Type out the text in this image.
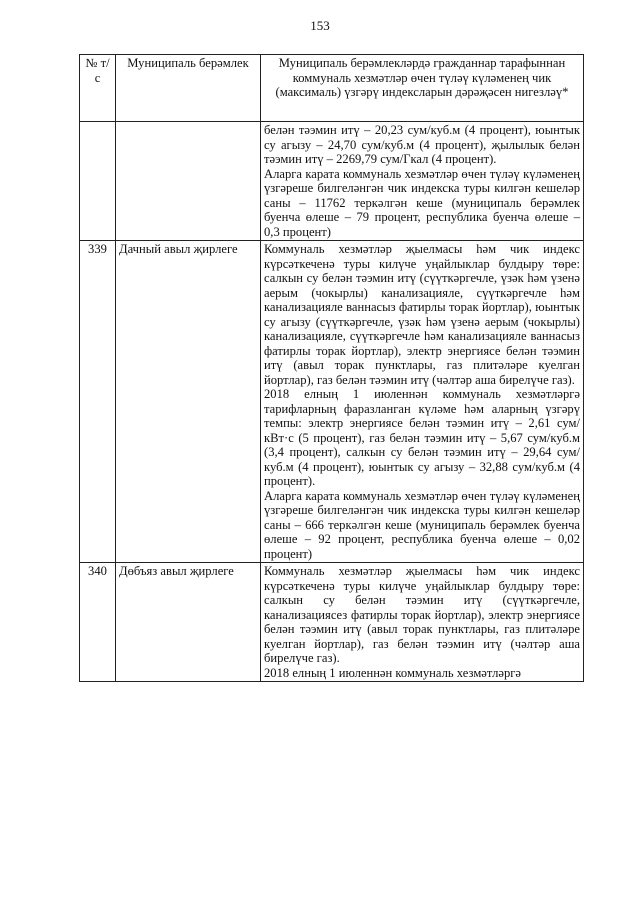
153
№ т/с	Муниципаль берәмлек	Муниципаль берәмлекләрдә гражданнар тарафыннан коммуналь хезмәтләр өчен түләү күләменең чик (максималь) үзгәрү индексларын дәрәҗәсен нигезләү*

		белән тәэмин итү – 20,23 сум/куб.м (4 процент), юынтык су агызу – 24,70 сум/куб.м (4 процент), җылылык белән тәэмин итү – 2269,79 сум/Гкал (4 процент).

Аларга карата коммуналь хезмәтләр өчен түләү күләменең үзгәреше билгеләнгән чик индекска туры килгән кешеләр саны – 11762 теркәлгән кеше (муниципаль берәмлек буенча өлеше – 79 процент, республика буенча өлеше – 0,3 процент)

339	Дачный авыл җирлеге	Коммуналь хезмәтләр җыелмасы һәм чик индекс күрсәткеченә туры килүче уңайлыклар булдыру төре: салкын су белән тәэмин итү (сүүткәргечле, үзәк һәм үзенә аерым (чокырлы) канализацияле, сүүткәргечле һәм канализацияле ваннасыз фатирлы торак йортлар), юынтык су агызу (сүүткәргечле, үзәк һәм үзенә аерым (чокырлы) канализацияле, сүүткәргечле һәм канализацияле ваннасыз фатирлы торак йортлар), электр энергиясе белән тәэмин итү (авыл торак пунктлары, газ плитәләре куелган йортлар), газ белән тәэмин итү (чәлтәр аша бирелүче газ).

2018 елның 1 июленнән коммуналь хезмәтләргә тарифларның фаразланган күләме һәм аларның үзгәрү темпы: электр энергиясе белән тәэмин итү – 2,61 сум/кВт·с (5 процент), газ белән тәэмин итү – 5,67 сум/куб.м (3,4 процент), салкын су белән тәэмин итү – 29,64 сум/куб.м (4 процент), юынтык су агызу – 32,88 сум/куб.м (4 процент).

Аларга карата коммуналь хезмәтләр өчен түләү күләменең үзгәреше билгеләнгән чик индекска туры килгән кешеләр саны – 666 теркәлгән кеше (муниципаль берәмлек буенча өлеше – 92 процент, республика буенча өлеше – 0,02 процент)

340	Дөбъяз авыл җирлеге	Коммуналь хезмәтләр җыелмасы һәм чик индекс күрсәткеченә туры килүче уңайлыклар булдыру төре: салкын су белән тәэмин итү (сүүткәргечле, канализациясез фатирлы торак йортлар), электр энергиясе белән тәэмин итү (авыл торак пунктлары, газ плитәләре куелган йортлар), газ белән тәэмин итү (чәлтәр аша бирелүче газ).

2018 елның 1 июленнән коммуналь хезмәтләргә
